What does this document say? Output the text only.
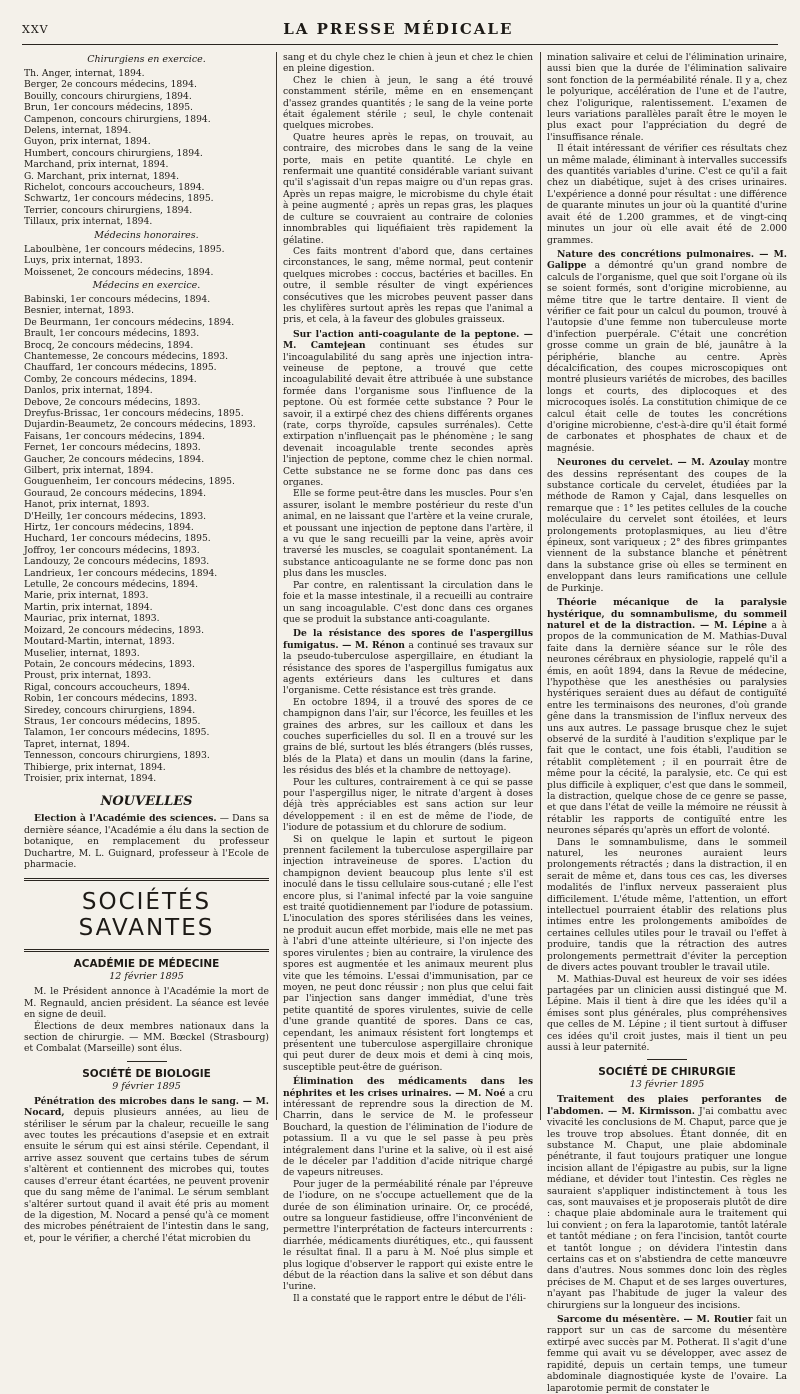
XXV	LA PRESSE MÉDICALE
Chirurgiens en exercice.
Th. Anger, internat, 1894.
Berger, 2e concours médecins, 1894.
Bouilly, concours chirurgiens, 1894.
Brun, 1er concours médecins, 1895.
Campenon, concours chirurgiens, 1894.
Delens, internat, 1894.
Guyon, prix internat, 1894.
Humbert, concours chirurgiens, 1894.
Marchand, prix internat, 1894.
G. Marchant, prix internat, 1894.
Richelot, concours accoucheurs, 1894.
Schwartz, 1er concours médecins, 1895.
Terrier, concours chirurgiens, 1894.
Tillaux, prix internat, 1894.
Médecins honoraires.
Laboulbène, 1er concours médecins, 1895.
Luys, prix internat, 1893.
Moissenet, 2e concours médecins, 1894.
Médecins en exercice.
Babinski, 1er concours médecins, 1894.
Besnier, internat, 1893.
De Beurmann, 1er concours médecins, 1894.
Brault, 1er concours médecins, 1893.
Brocq, 2e concours médecins, 1894.
Chantemesse, 2e concours médecins, 1893.
Chauffard, 1er concours médecins, 1895.
Comby, 2e concours médecins, 1894.
Danlos, prix internat, 1894.
Debove, 2e concours médecins, 1893.
Dreyfus-Brissac, 1er concours médecins, 1895.
Dujardin-Beaumetz, 2e concours médecins, 1893.
Faisans, 1er concours médecins, 1894.
Fernet, 1er concours médecins, 1893.
Gaucher, 2e concours médecins, 1894.
Gilbert, prix internat, 1894.
Gouguenheim, 1er concours médecins, 1895.
Gouraud, 2e concours médecins, 1894.
Hanot, prix internat, 1893.
D'Heilly, 1er concours médecins, 1893.
Hirtz, 1er concours médecins, 1894.
Huchard, 1er concours médecins, 1895.
Joffroy, 1er concours médecins, 1893.
Landouzy, 2e concours médecins, 1893.
Landrieux, 1er concours médecins, 1894.
Letulle, 2e concours médecins, 1894.
Marie, prix internat, 1893.
Martin, prix internat, 1894.
Mauriac, prix internat, 1893.
Moizard, 2e concours médecins, 1893.
Moutard-Martin, internat, 1893.
Muselier, internat, 1893.
Potain, 2e concours médecins, 1893.
Proust, prix internat, 1893.
Rigal, concours accoucheurs, 1894.
Robin, 1er concours médecins, 1893.
Siredey, concours chirurgiens, 1894.
Straus, 1er concours médecins, 1895.
Talamon, 1er concours médecins, 1895.
Tapret, internat, 1894.
Tennesson, concours chirurgiens, 1893.
Thibierge, prix internat, 1894.
Troisier, prix internat, 1894.
NOUVELLES

Election à l'Académie des sciences. — Dans sa dernière séance, l'Académie a élu dans la section de botanique, en remplacement du professeur Duchartre, M. L. Guignard, professeur à l'Ecole de pharmacie.

SOCIÉTÉS SAVANTES
ACADÉMIE DE MÉDECINE
12 février 1895

M. le Président annonce à l'Académie la mort de M. Regnauld, ancien président. La séance est levée en signe de deuil.

Élections de deux membres nationaux dans la section de chirurgie. — MM. Bœckel (Strasbourg) et Combalat (Marseille) sont élus.

SOCIÉTÉ DE BIOLOGIE
9 février 1895

Pénétration des microbes dans le sang. — M. Nocard, depuis plusieurs années, au lieu de stériliser le sérum par la chaleur, recueille le sang avec toutes les précautions d'asepsie et en extrait ensuite le sérum qui est ainsi stérile. Cependant, il arrive assez souvent que certains tubes de sérum s'altèrent et contiennent des microbes qui, toutes causes d'erreur étant écartées, ne peuvent provenir que du sang même de l'animal. Le sérum semblant s'altérer surtout quand il avait été pris au moment de la digestion, M. Nocard a pensé qu'à ce moment des microbes pénétraient de l'intestin dans le sang, et, pour le vérifier, a cherché l'état microbien du

sang et du chyle chez le chien à jeun et chez le chien en pleine digestion.

Chez le chien à jeun, le sang a été trouvé constamment stérile, même en en ensemençant d'assez grandes quantités ; le sang de la veine porte était également stérile ; seul, le chyle contenait quelques microbes.

Quatre heures après le repas, on trouvait, au contraire, des microbes dans le sang de la veine porte, mais en petite quantité. Le chyle en renfermait une quantité considérable variant suivant qu'il s'agissait d'un repas maigre ou d'un repas gras. Après un repas maigre, le microbisme du chyle était à peine augmenté ; après un repas gras, les plaques de culture se couvraient au contraire de colonies innombrables qui liquéfiaient très rapidement la gélatine.

Ces faits montrent d'abord que, dans certaines circonstances, le sang, même normal, peut contenir quelques microbes : coccus, bactéries et bacilles. En outre, il semble résulter de vingt expériences consécutives que les microbes peuvent passer dans les chylifères surtout après les repas que l'animal a pris, et cela, à la faveur des globules graisseux.

Sur l'action anti-coagulante de la peptone. — M. Camtejean continuant ses études sur l'incoagulabilité du sang après une injection intra-veineuse de peptone, a trouvé que cette incoagulabilité devait être attribuée à une substance formée dans l'organisme sous l'influence de la peptone. Où est formée cette substance ? Pour le savoir, il a extirpé chez des chiens différents organes (rate, corps thyroïde, capsules surrénales). Cette extirpation n'influençait pas le phénomène ; le sang devenait incoagulable trente secondes après l'injection de peptone, comme chez le chien normal. Cette substance ne se forme donc pas dans ces organes.

Elle se forme peut-être dans les muscles. Pour s'en assurer, isolant le membre postérieur du reste d'un animal, en ne laissant que l'artère et la veine crurale, et poussant une injection de peptone dans l'artère, il a vu que le sang recueilli par la veine, après avoir traversé les muscles, se coagulait spontanément. La substance anticoagulante ne se forme donc pas non plus dans les muscles.

Par contre, en ralentissant la circulation dans le foie et la masse intestinale, il a recueilli au contraire un sang incoagulable. C'est donc dans ces organes que se produit la substance anti-coagulante.

De la résistance des spores de l'aspergillus fumigatus. — M. Rénon a continué ses travaux sur la pseudo-tuberculose aspergillaire, en étudiant la résistance des spores de l'aspergillus fumigatus aux agents extérieurs dans les cultures et dans l'organisme. Cette résistance est très grande.

En octobre 1894, il a trouvé des spores de ce champignon dans l'air, sur l'écorce, les feuilles et les graines des arbres, sur les cailloux et dans les couches superficielles du sol. Il en a trouvé sur les grains de blé, surtout les blés étrangers (blés russes, blés de la Plata) et dans un moulin (dans la farine, les résidus des blés et la chambre de nettoyage).

Pour les cultures, contrairement à ce qui se passe pour l'aspergillus niger, le nitrate d'argent à doses déjà très appréciables est sans action sur leur développement : il en est de même de l'iode, de l'iodure de potassium et du chlorure de sodium.

Si on quelque le lapin et surtout le pigeon prennent facilement la tuberculose aspergillaire par injection intraveineuse de spores. L'action du champignon devient beaucoup plus lente s'il est inoculé dans le tissu cellulaire sous-cutané ; elle l'est encore plus, si l'animal infecté par la voie sanguine est traité quotidiennement par l'iodure de potassium. L'inoculation des spores stérilisées dans les veines, ne produit aucun effet morbide, mais elle ne met pas à l'abri d'une atteinte ultérieure, si l'on injecte des spores virulentes ; bien au contraire, la virulence des spores est augmentée et les animaux meurent plus vite que les témoins. L'essai d'immunisation, par ce moyen, ne peut donc réussir ; non plus que celui fait par l'injection sans danger immédiat, d'une très petite quantité de spores virulentes, suivie de celle d'une grande quantité de spores. Dans ce cas, cependant, les animaux résistent fort longtemps et présentent une tuberculose aspergillaire chronique qui peut durer de deux mois et demi à cinq mois, susceptible peut-être de guérison.

Élimination des médicaments dans les néphrites et les crises urinaires. — M. Noé a cru intéressant de reprendre sous la direction de M. Charrin, dans le service de M. le professeur Bouchard, la question de l'élimination de l'iodure de potassium. Il a vu que le sel passe à peu près intégralement dans l'urine et la salive, où il est aisé de le déceler par l'addition d'acide nitrique chargé de vapeurs nitreuses.

Pour juger de la perméabilité rénale par l'épreuve de l'iodure, on ne s'occupe actuellement que de la durée de son élimination urinaire. Or, ce procédé, outre sa longueur fastidieuse, offre l'inconvénient de permettre l'interprétation de facteurs intercurrents : diarrhée, médicaments diurétiques, etc., qui faussent le résultat final. Il a paru à M. Noé plus simple et plus logique d'observer le rapport qui existe entre le début de la réaction dans la salive et son début dans l'urine.

Il a constaté que le rapport entre le début de l'éli-

mination salivaire et celui de l'élimination urinaire, aussi bien que la durée de l'élimination salivaire sont fonction de la perméabilité rénale. Il y a, chez le polyurique, accélération de l'une et de l'autre, chez l'oligurique, ralentissement. L'examen de leurs variations parallèles paraît être le moyen le plus exact pour l'appréciation du degré de l'insuffisance rénale.

Il était intéressant de vérifier ces résultats chez un même malade, éliminant à intervalles successifs des quantités variables d'urine. C'est ce qu'il a fait chez un diabétique, sujet à des crises urinaires. L'expérience a donné pour résultat : une différence de quarante minutes un jour où la quantité d'urine avait été de 1.200 grammes, et de vingt-cinq minutes un jour où elle avait été de 2.000 grammes.

Nature des concrétions pulmonaires. — M. Galippe a démontré qu'un grand nombre de calculs de l'organisme, quel que soit l'organe où ils se soient formés, sont d'origine microbienne, au même titre que le tartre dentaire. Il vient de vérifier ce fait pour un calcul du poumon, trouvé à l'autopsie d'une femme non tuberculeuse morte d'infection puerpérale. C'était une concrétion grosse comme un grain de blé, jaunâtre à la périphérie, blanche au centre. Après décalcification, des coupes microscopiques ont montré plusieurs variétés de microbes, des bacilles longs et courts, des diplocoques et des microcoques isolés. La constitution chimique de ce calcul était celle de toutes les concrétions d'origine microbienne, c'est-à-dire qu'il était formé de carbonates et phosphates de chaux et de magnésie.

Neurones du cervelet. — M. Azoulay montre des dessins représentant des coupes de la substance corticale du cervelet, étudiées par la méthode de Ramon y Cajal, dans lesquelles on remarque que : 1° les petites cellules de la couche moléculaire du cervelet sont étoilées, et leurs prolongements protoplasmiques, au lieu d'être épineux, sont variqueux ; 2° des fibres grimpantes viennent de la substance blanche et pénètrent dans la substance grise où elles se terminent en enveloppant dans leurs ramifications une cellule de Purkinje.

Théorie mécanique de la paralysie hystérique, du somnambulisme, du sommeil naturel et de la distraction. — M. Lépine a à propos de la communication de M. Mathias-Duval faite dans la dernière séance sur le rôle des neurones cérébraux en physiologie, rappelé qu'il a émis, en août 1894, dans la Revue de médecine, l'hypothèse que les anesthésies ou paralysies hystériques seraient dues au défaut de contiguïté entre les terminaisons des neurones, d'où grande gêne dans la transmission de l'influx nerveux des uns aux autres. Le passage brusque chez le sujet observé de la surdité à l'audition s'explique par le fait que le contact, une fois établi, l'audition se rétablit complètement ; il en pourrait être de même pour la cécité, la paralysie, etc. Ce qui est plus difficile à expliquer, c'est que dans le sommeil, la distraction, quelque chose de ce genre se passe, et que dans l'état de veille la mémoire ne réussit à rétablir les rapports de contiguïté entre les neurones séparés qu'après un effort de volonté.

Dans le somnambulisme, dans le sommeil naturel, les neurones auraient leurs prolongements rétractés ; dans la distraction, il en serait de même et, dans tous ces cas, les diverses modalités de l'influx nerveux passeraient plus difficilement. L'étude même, l'attention, un effort intellectuel pourraient établir des relations plus intimes entre les prolongements amiboïdes de certaines cellules utiles pour le travail ou l'effet à produire, tandis que la rétraction des autres prolongements permettrait d'éviter la perception de divers actes pouvant troubler le travail utile.

M. Mathias-Duval est heureux de voir ses idées partagées par un clinicien aussi distingué que M. Lépine. Mais il tient à dire que les idées qu'il a émises sont plus générales, plus compréhensives que celles de M. Lépine ; il tient surtout à diffuser ces idées qu'il croit justes, mais il tient un peu aussi à leur paternité.

SOCIÉTÉ DE CHIRURGIE
13 février 1895

Traitement des plaies perforantes de l'abdomen. — M. Kirmisson. J'ai combattu avec vivacité les conclusions de M. Chaput, parce que je les trouve trop absolues. Étant donnée, dit en substance M. Chaput, une plaie abdominale pénétrante, il faut toujours pratiquer une longue incision allant de l'épigastre au pubis, sur la ligne médiane, et dévider tout l'intestin. Ces règles ne sauraient s'appliquer indistinctement à tous les cas, sont mauvaises et je proposerais plutôt de dire : chaque plaie abdominale aura le traitement qui lui convient ; on fera la laparotomie, tantôt latérale et tantôt médiane ; on fera l'incision, tantôt courte et tantôt longue ; on dévidera l'intestin dans certains cas et on s'abstiendra de cette manœuvre dans d'autres. Nous sommes donc loin des règles précises de M. Chaput et de ses larges ouvertures, n'ayant pas l'habitude de juger la valeur des chirurgiens sur la longueur des incisions.

Sarcome du mésentère. — M. Routier fait un rapport sur un cas de sarcome du mésentère extirpé avec succès par M. Potherat. Il s'agit d'une femme qui avait vu se développer, avec assez de rapidité, depuis un certain temps, une tumeur abdominale diagnostiquée kyste de l'ovaire. La laparotomie permit de constater le
